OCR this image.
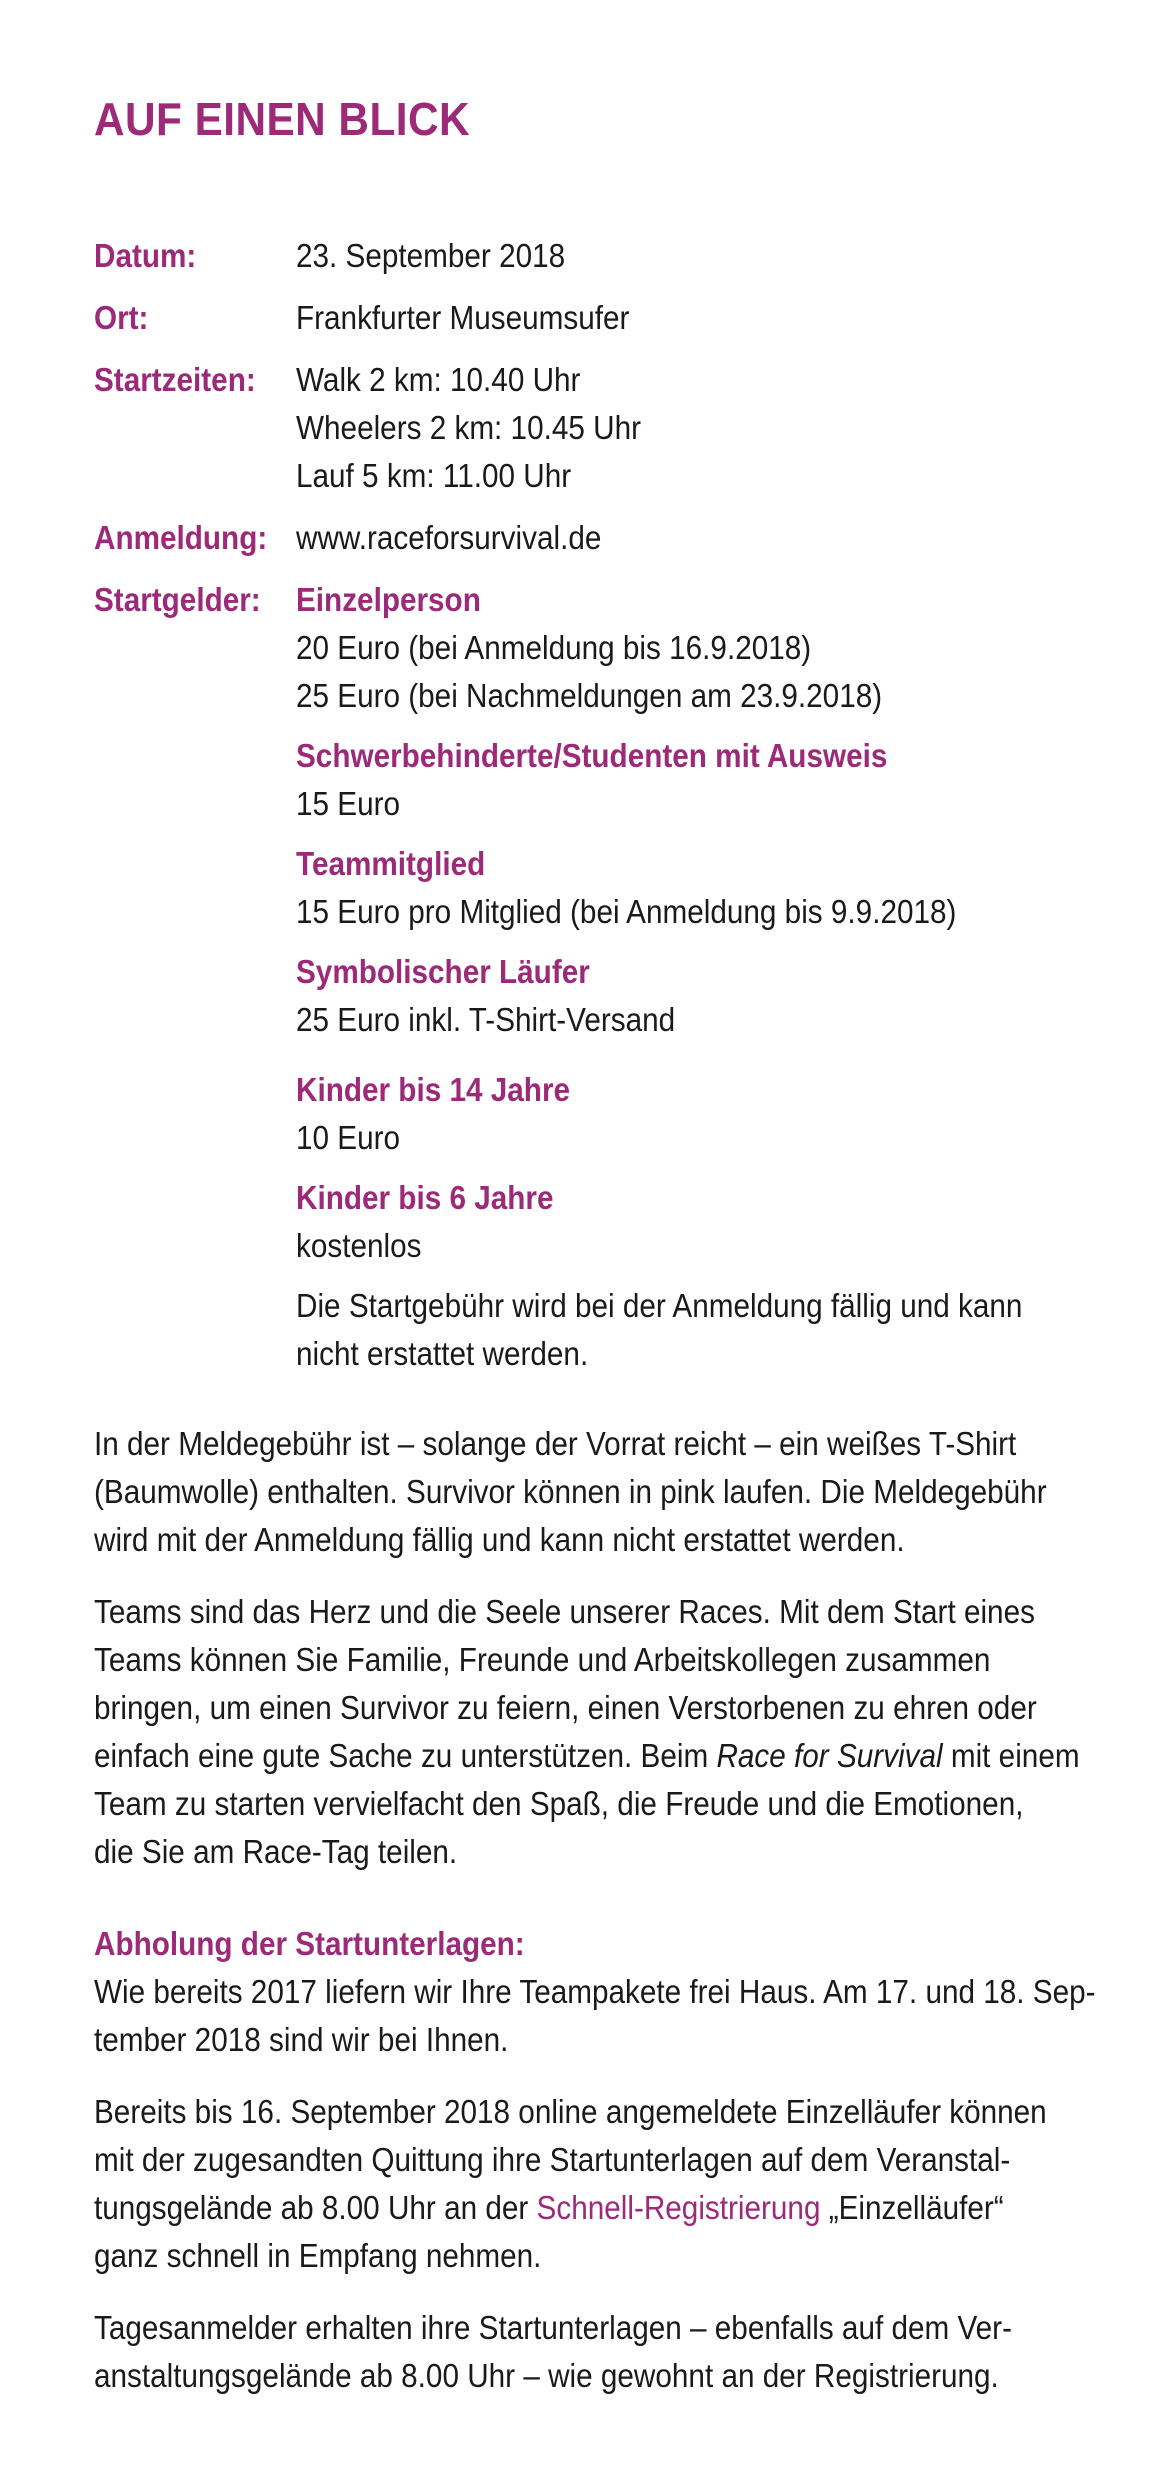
AUF EINEN BLICK
Datum:	23. September 2018
Ort:	Frankfurter Museumsufer
Startzeiten:	Walk 2 km: 10.40 Uhr
Wheelers 2 km: 10.45 Uhr
Lauf 5 km: 11.00 Uhr
Anmeldung: www.raceforsurvival.de
Startgelder:	Einzelperson
20 Euro (bei Anmeldung bis 16.9.2018)
25 Euro (bei Nachmeldungen am 23.9.2018)
Schwerbehinderte/Studenten mit Ausweis
15 Euro
Teammitglied
15 Euro pro Mitglied (bei Anmeldung bis 9.9.2018)
Symbolischer Läufer
25 Euro inkl. T-Shirt-Versand
Kinder bis 14 Jahre
10 Euro
Kinder bis 6 Jahre
kostenlos
Die Startgebühr wird bei der Anmeldung fällig und kann
nicht erstattet werden.

In der Meldegebühr ist – solange der Vorrat reicht – ein weißes T-Shirt
(Baumwolle) enthalten. Survivor können in pink laufen. Die Meldegebühr
wird mit der Anmeldung fällig und kann nicht erstattet werden.

Teams sind das Herz und die Seele unserer Races. Mit dem Start eines
Teams können Sie Familie, Freunde und Arbeitskollegen zusammen
bringen, um einen Survivor zu feiern, einen Verstorbenen zu ehren oder
einfach eine gute Sache zu unterstützen. Beim Race for Survival mit einem
Team zu starten vervielfacht den Spaß, die Freude und die Emotionen,
die Sie am Race-Tag teilen.

Abholung der Startunterlagen:

Wie bereits 2017 liefern wir Ihre Teampakete frei Haus. Am 17. und 18. Sep-
tember 2018 sind wir bei Ihnen.

Bereits bis 16. September 2018 online angemeldete Einzelläufer können
mit der zugesandten Quittung ihre Startunterlagen auf dem Veranstal-
tungsgelände ab 8.00 Uhr an der Schnell-Registrierung „Einzelläufer“
ganz schnell in Empfang nehmen.

Tagesanmelder erhalten ihre Startunterlagen – ebenfalls auf dem Ver-
anstaltungsgelände ab 8.00 Uhr – wie gewohnt an der Registrierung.
